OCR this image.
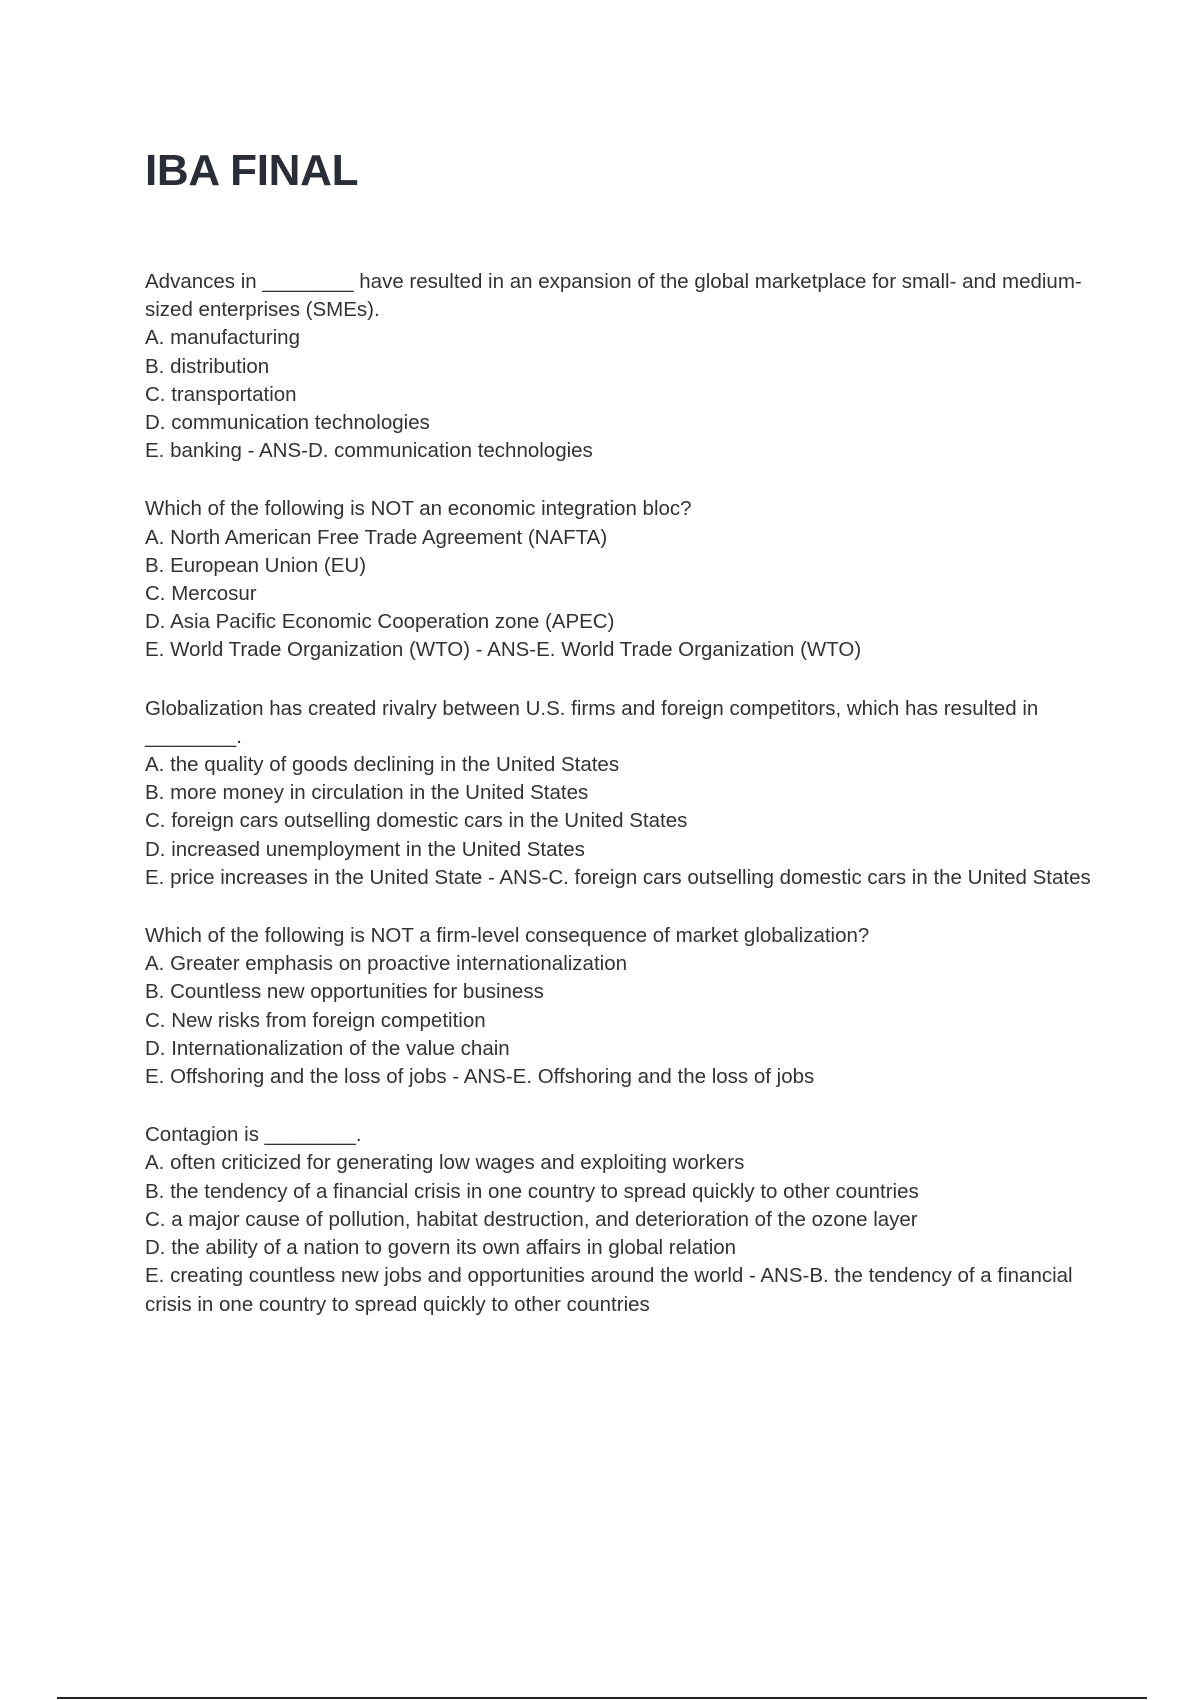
IBA FINAL

Advances in ________ have resulted in an expansion of the global marketplace for small- and medium-sized enterprises (SMEs).

A. manufacturing

B. distribution

C. transportation

D. communication technologies

E. banking - ANS-D. communication technologies

Which of the following is NOT an economic integration bloc?

A. North American Free Trade Agreement (NAFTA)

B. European Union (EU)

C. Mercosur

D. Asia Pacific Economic Cooperation zone (APEC)

E. World Trade Organization (WTO) - ANS-E. World Trade Organization (WTO)

Globalization has created rivalry between U.S. firms and foreign competitors, which has resulted in ________.

A. the quality of goods declining in the United States

B. more money in circulation in the United States

C. foreign cars outselling domestic cars in the United States

D. increased unemployment in the United States

E. price increases in the United State - ANS-C. foreign cars outselling domestic cars in the United States

Which of the following is NOT a firm-level consequence of market globalization?

A. Greater emphasis on proactive internationalization

B. Countless new opportunities for business

C. New risks from foreign competition

D. Internationalization of the value chain

E. Offshoring and the loss of jobs - ANS-E. Offshoring and the loss of jobs

Contagion is ________.

A. often criticized for generating low wages and exploiting workers

B. the tendency of a financial crisis in one country to spread quickly to other countries

C. a major cause of pollution, habitat destruction, and deterioration of the ozone layer

D. the ability of a nation to govern its own affairs in global relation

E. creating countless new jobs and opportunities around the world - ANS-B. the tendency of a financial crisis in one country to spread quickly to other countries
